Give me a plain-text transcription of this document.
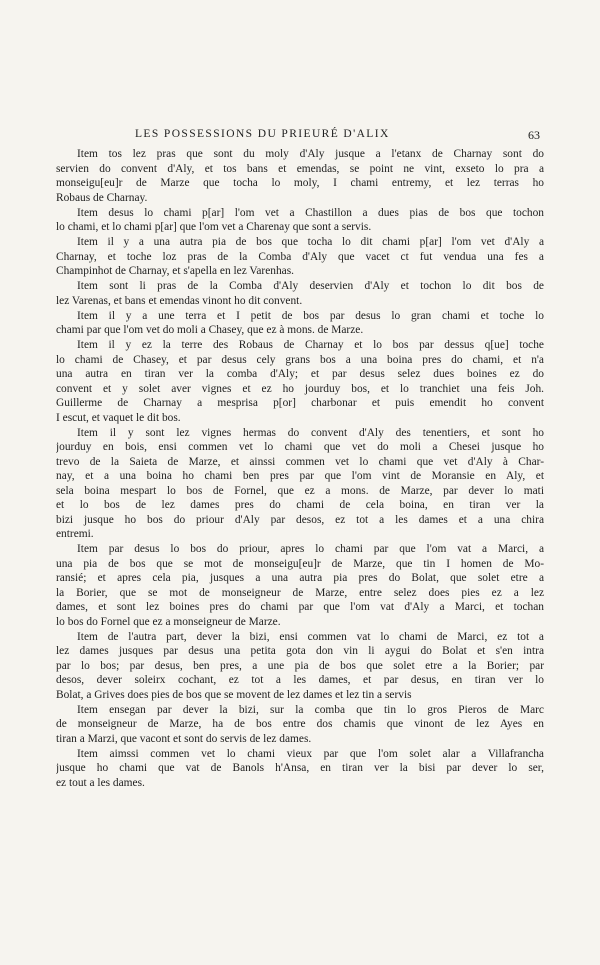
LES POSSESSIONS DU PRIEURÉ D'ALIX	63
Item tos lez pras que sont du moly d'Aly jusque a l'etanx de Charnay sont do
servien do convent d'Aly, et tos bans et emendas, se point ne vint, exseto lo pra a
monseigu[eu]r de Marze que tocha lo moly, I chami entremy, et lez terras ho
Robaus de Charnay.
Item desus lo chami p[ar] l'om vet a Chastillon a dues pias de bos que tochon
lo chami, et lo chami p[ar] que l'om vet a Charenay que sont a servis.
Item il y a una autra pia de bos que tocha lo dit chami p[ar] l'om vet d'Aly a
Charnay, et toche loz pras de la Comba d'Aly que vacet ct fut vendua una fes a
Champinhot de Charnay, et s'apella en lez Varenhas.
Item sont li pras de la Comba d'Aly deservien d'Aly et tochon lo dit bos de
lez Varenas, et bans et emendas vinont ho dit convent.
Item il y a une terra et I petit de bos par desus lo gran chami et toche lo
chami par que l'om vet do moli a Chasey, que ez à mons. de Marze.
Item il y ez la terre des Robaus de Charnay et lo bos par dessus q[ue] toche
lo chami de Chasey, et par desus cely grans bos a una boina pres do chami, et n'a
una autra en tiran ver la comba d'Aly; et par desus selez dues boines ez do
convent et y solet aver vignes et ez ho jourduy bos, et lo tranchiet una feis Joh.
Guillerme de Charnay a mesprisa p[or] charbonar et puis emendit ho convent
I escut, et vaquet le dit bos.
Item il y sont lez vignes hermas do convent d'Aly des tenentiers, et sont ho
jourduy en bois, ensi commen vet lo chami que vet do moli a Chesei jusque ho
trevo de la Saieta de Marze, et ainssi commen vet lo chami que vet d'Aly à Char-
nay, et a una boina ho chami ben pres par que l'om vint de Moransie en Aly, et
sela boina mespart lo bos de Fornel, que ez a mons. de Marze, par dever lo mati
et lo bos de lez dames pres do chami de cela boina, en tiran ver la
bizi jusque ho bos do priour d'Aly par desos, ez tot a les dames et a una chira
entremi.
Item par desus lo bos do priour, apres lo chami par que l'om vat a Marci, a
una pia de bos que se mot de monseigu[eu]r de Marze, que tin I homen de Mo-
ransié; et apres cela pia, jusques a una autra pia pres do Bolat, que solet etre a
la Borier, que se mot de monseigneur de Marze, entre selez does pies ez a lez
dames, et sont lez boines pres do chami par que l'om vat d'Aly a Marci, et tochan
lo bos do Fornel que ez a monseigneur de Marze.
Item de l'autra part, dever la bizi, ensi commen vat lo chami de Marci, ez tot a
lez dames jusques par desus una petita gota don vin li aygui do Bolat et s'en intra
par lo bos; par desus, ben pres, a une pia de bos que solet etre a la Borier; par
desos, dever soleirx cochant, ez tot a les dames, et par desus, en tiran ver lo
Bolat, a Grives does pies de bos que se movent de lez dames et lez tin a servis
Item ensegan par dever la bizi, sur la comba que tin lo gros Pieros de Marc
de monseigneur de Marze, ha de bos entre dos chamis que vinont de lez Ayes en
tiran a Marzi, que vacont et sont do servis de lez dames.
Item aimssi commen vet lo chami vieux par que l'om solet alar a Villafrancha
jusque ho chami que vat de Banols h'Ansa, en tiran ver la bisi par dever lo ser,
ez tout a les dames.
